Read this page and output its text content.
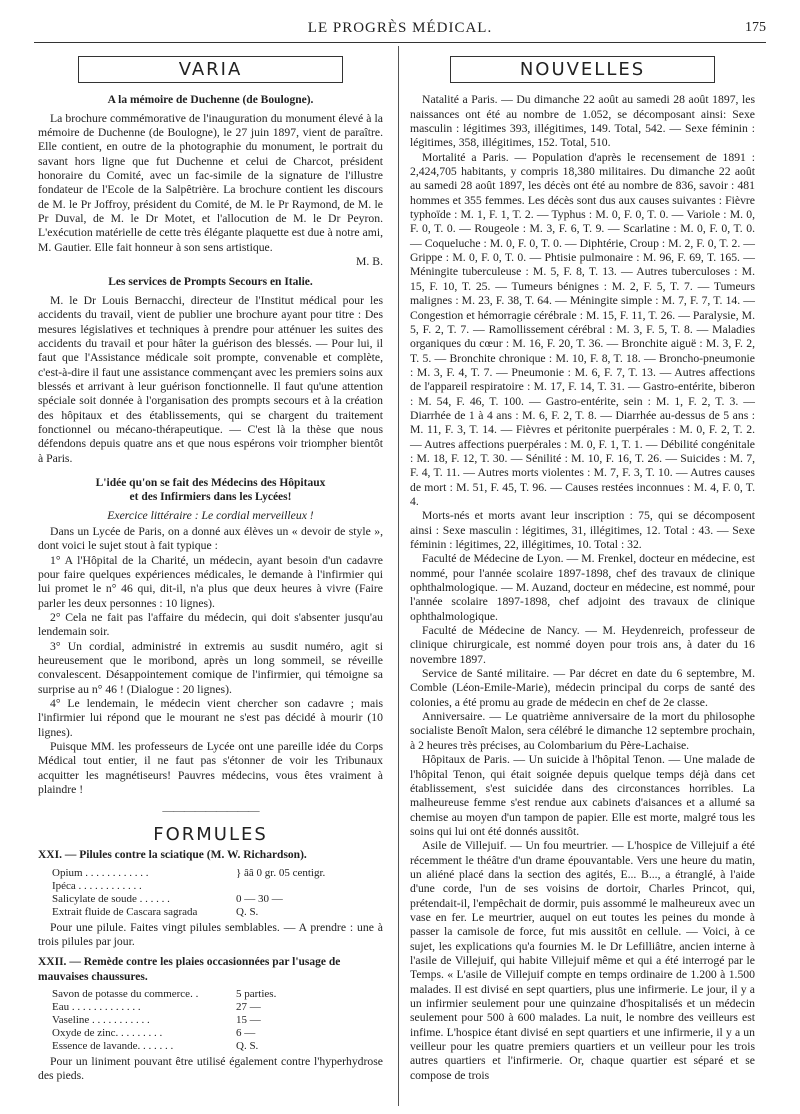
LE PROGRÈS MÉDICAL.	175
VARIA
A la mémoire de Duchenne (de Boulogne).

La brochure commémorative de l'inauguration du monument élevé à la mémoire de Duchenne (de Boulogne), le 27 juin 1897, vient de paraître. Elle contient, en outre de la photographie du monument, le portrait du savant hors ligne que fut Duchenne et celui de Charcot, président honoraire du Comité, avec un fac-simile de la signature de l'illustre fondateur de l'Ecole de la Salpêtrière. La brochure contient les discours de M. le Pr Joffroy, président du Comité, de M. le Pr Raymond, de M. le Pr Duval, de M. le Dr Motet, et l'allocution de M. le Dr Peyron. L'exécution matérielle de cette très élégante plaquette est due à notre ami, M. Gautier. Elle fait honneur à son sens artistique.

M. B.

Les services de Prompts Secours en Italie.

M. le Dr Louis Bernacchi, directeur de l'Institut médical pour les accidents du travail, vient de publier une brochure ayant pour titre : Des mesures législatives et techniques à prendre pour atténuer les suites des accidents du travail et pour hâter la guérison des blessés. — Pour lui, il faut que l'Assistance médicale soit prompte, convenable et complète, c'est-à-dire il faut une assistance commençant avec les premiers soins aux blessés et arrivant à leur guérison fonctionnelle. Il faut qu'une attention spéciale soit donnée à l'organisation des prompts secours et à la création des hôpitaux et des établissements, qui se chargent du traitement fonctionnel ou mécano-thérapeutique. — C'est là la thèse que nous défendons depuis quatre ans et que nous espérons voir triompher bientôt à Paris.

L'idée qu'on se fait des Médecins des Hôpitaux
et des Infirmiers dans les Lycées!
Exercice littéraire : Le cordial merveilleux !

Dans un Lycée de Paris, on a donné aux élèves un « devoir de style », dont voici le sujet stout à fait typique :

1° A l'Hôpital de la Charité, un médecin, ayant besoin d'un cadavre pour faire quelques expériences médicales, le demande à l'infirmier qui lui promet le n° 46 qui, dit-il, n'a plus que deux heures à vivre (Faire parler les deux personnes : 10 lignes).

2° Cela ne fait pas l'affaire du médecin, qui doit s'absenter jusqu'au lendemain soir.

3° Un cordial, administré in extremis au susdit numéro, agit si heureusement que le moribond, après un long sommeil, se réveille convalescent. Désappointement comique de l'infirmier, qui témoigne sa surprise au n° 46 ! (Dialogue : 20 lignes).

4° Le lendemain, le médecin vient chercher son cadavre ; mais l'infirmier lui répond que le mourant ne s'est pas décidé à mourir (10 lignes).

Puisque MM. les professeurs de Lycée ont une pareille idée du Corps Médical tout entier, il ne faut pas s'étonner de voir les Tribunaux acquitter les magnétiseurs! Pauvres médecins, vous êtes vraiment à plaindre !

—————————
FORMULES
XXI. — Pilules contre la sciatique (M. W. Richardson).
Opium . . . . . . . . . . . .	} ââ 0 gr. 05 centigr.
Ipéca . . . . . . . . . . . .
Salicylate de soude . . . . . .	0 — 30 —
Extrait fluide de Cascara sagrada	Q. S.

Pour une pilule. Faites vingt pilules semblables. — A prendre : une à trois pilules par jour.

XXII. — Remède contre les plaies occasionnées par l'usage de mauvaises chaussures.
Savon de potasse du commerce. .	5 parties.
Eau . . . . . . . . . . . . .	27 —
Vaseline . . . . . . . . . . .	15 —
Oxyde de zinc. . . . . . . . .	6 —
Essence de lavande. . . . . . .	Q. S.

Pour un liniment pouvant être utilisé également contre l'hyperhydrose des pieds.

NOUVELLES

Natalité a Paris. — Du dimanche 22 août au samedi 28 août 1897, les naissances ont été au nombre de 1.052, se décomposant ainsi: Sexe masculin : légitimes 393, illégitimes, 149. Total, 542. — Sexe féminin : légitimes, 358, illégitimes, 152. Total, 510.

Mortalité a Paris. — Population d'après le recensement de 1891 : 2,424,705 habitants, y compris 18,380 militaires. Du dimanche 22 août au samedi 28 août 1897, les décès ont été au nombre de 836, savoir : 481 hommes et 355 femmes. Les décès sont dus aux causes suivantes : Fièvre typhoïde : M. 1, F. 1, T. 2. — Typhus : M. 0, F. 0, T. 0. — Variole : M. 0, F. 0, T. 0. — Rougeole : M. 3, F. 6, T. 9. — Scarlatine : M. 0, F. 0, T. 0. — Coqueluche : M. 0, F. 0, T. 0. — Diphtérie, Croup : M. 2, F. 0, T. 2. — Grippe : M. 0, F. 0, T. 0. — Phtisie pulmonaire : M. 96, F. 69, T. 165. — Méningite tuberculeuse : M. 5, F. 8, T. 13. — Autres tuberculoses : M. 15, F. 10, T. 25. — Tumeurs bénignes : M. 2, F. 5, T. 7. — Tumeurs malignes : M. 23, F. 38, T. 64. — Méningite simple : M. 7, F. 7, T. 14. — Congestion et hémorragie cérébrale : M. 15, F. 11, T. 26. — Paralysie, M. 5, F. 2, T. 7. — Ramollissement cérébral : M. 3, F. 5, T. 8. — Maladies organiques du cœur : M. 16, F. 20, T. 36. — Bronchite aiguë : M. 3, F. 2, T. 5. — Bronchite chronique : M. 10, F. 8, T. 18. — Broncho-pneumonie : M. 3, F. 4, T. 7. — Pneumonie : M. 6, F. 7, T. 13. — Autres affections de l'appareil respiratoire : M. 17, F. 14, T. 31. — Gastro-entérite, biberon : M. 54, F. 46, T. 100. — Gastro-entérite, sein : M. 1, F. 2, T. 3. — Diarrhée de 1 à 4 ans : M. 6, F. 2, T. 8. — Diarrhée au-dessus de 5 ans : M. 11, F. 3, T. 14. — Fièvres et péritonite puerpérales : M. 0, F. 2, T. 2. — Autres affections puerpérales : M. 0, F. 1, T. 1. — Débilité congénitale : M. 18, F. 12, T. 30. — Sénilité : M. 10, F. 16, T. 26. — Suicides : M. 7, F. 4, T. 11. — Autres morts violentes : M. 7, F. 3, T. 10. — Autres causes de mort : M. 51, F. 45, T. 96. — Causes restées inconnues : M. 4, F. 0, T. 4.

Morts-nés et morts avant leur inscription : 75, qui se décomposent ainsi : Sexe masculin : légitimes, 31, illégitimes, 12. Total : 43. — Sexe féminin : légitimes, 22, illégitimes, 10. Total : 32.

Faculté de Médecine de Lyon. — M. Frenkel, docteur en médecine, est nommé, pour l'année scolaire 1897-1898, chef des travaux de clinique ophthalmologique. — M. Auzand, docteur en médecine, est nommé, pour l'année scolaire 1897-1898, chef adjoint des travaux de clinique ophthalmologique.

Faculté de Médecine de Nancy. — M. Heydenreich, professeur de clinique chirurgicale, est nommé doyen pour trois ans, à dater du 16 novembre 1897.

Service de Santé militaire. — Par décret en date du 6 septembre, M. Comble (Léon-Emile-Marie), médecin principal du corps de santé des colonies, a été promu au grade de médecin en chef de 2e classe.

Anniversaire. — Le quatrième anniversaire de la mort du philosophe socialiste Benoît Malon, sera célébré le dimanche 12 septembre prochain, à 2 heures très précises, au Colombarium du Père-Lachaise.

Hôpitaux de Paris. — Un suicide à l'hôpital Tenon. — Une malade de l'hôpital Tenon, qui était soignée depuis quelque temps déjà dans cet établissement, s'est suicidée dans des circonstances horribles. La malheureuse femme s'est rendue aux cabinets d'aisances et a allumé sa chemise au moyen d'un tampon de papier. Elle est morte, malgré tous les soins qui lui ont été donnés aussitôt.

Asile de Villejuif. — Un fou meurtrier. — L'hospice de Villejuif a été récemment le théâtre d'un drame épouvantable. Vers une heure du matin, un aliéné placé dans la section des agités, E... B..., a étranglé, à l'aide d'une corde, l'un de ses voisins de dortoir, Charles Princot, qui, prétendait-il, l'empêchait de dormir, puis assommé le malheureux avec un vase en fer. Le meurtrier, auquel on eut toutes les peines du monde à passer la camisole de force, fut mis aussitôt en cellule. — Voici, à ce sujet, les explications qu'a fournies M. le Dr Lefilliâtre, ancien interne à l'asile de Villejuif, qui habite Villejuif même et qui a été interrogé par le Temps. « L'asile de Villejuif compte en temps ordinaire de 1.200 à 1.500 malades. Il est divisé en sept quartiers, plus une infirmerie. Le jour, il y a un infirmier seulement pour une quinzaine d'hospitalisés et un médecin seulement pour 500 à 600 malades. La nuit, le nombre des veilleurs est infime. L'hospice étant divisé en sept quartiers et une infirmerie, il y a un veilleur pour les quatre premiers quartiers et un veilleur pour les trois autres quartiers et l'infirmerie. Or, chaque quartier est séparé et se compose de trois
